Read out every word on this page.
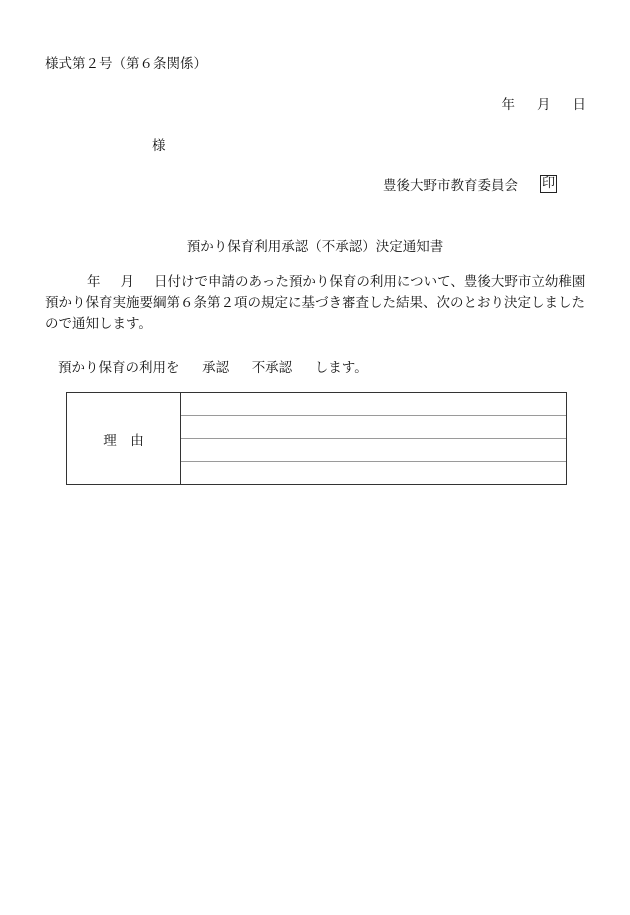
様式第２号（第６条関係）
年 月 日
様
豊後大野市教育委員会 印
預かり保育利用承認（不承認）決定通知書
年 月 日付けで申請のあった預かり保育の利用について、豊後大野市立幼稚園預かり保育実施要綱第６条第２項の規定に基づき審査した結果、次のとおり決定しましたので通知します。
預かり保育の利用を 承認 不承認 します。
理　由
